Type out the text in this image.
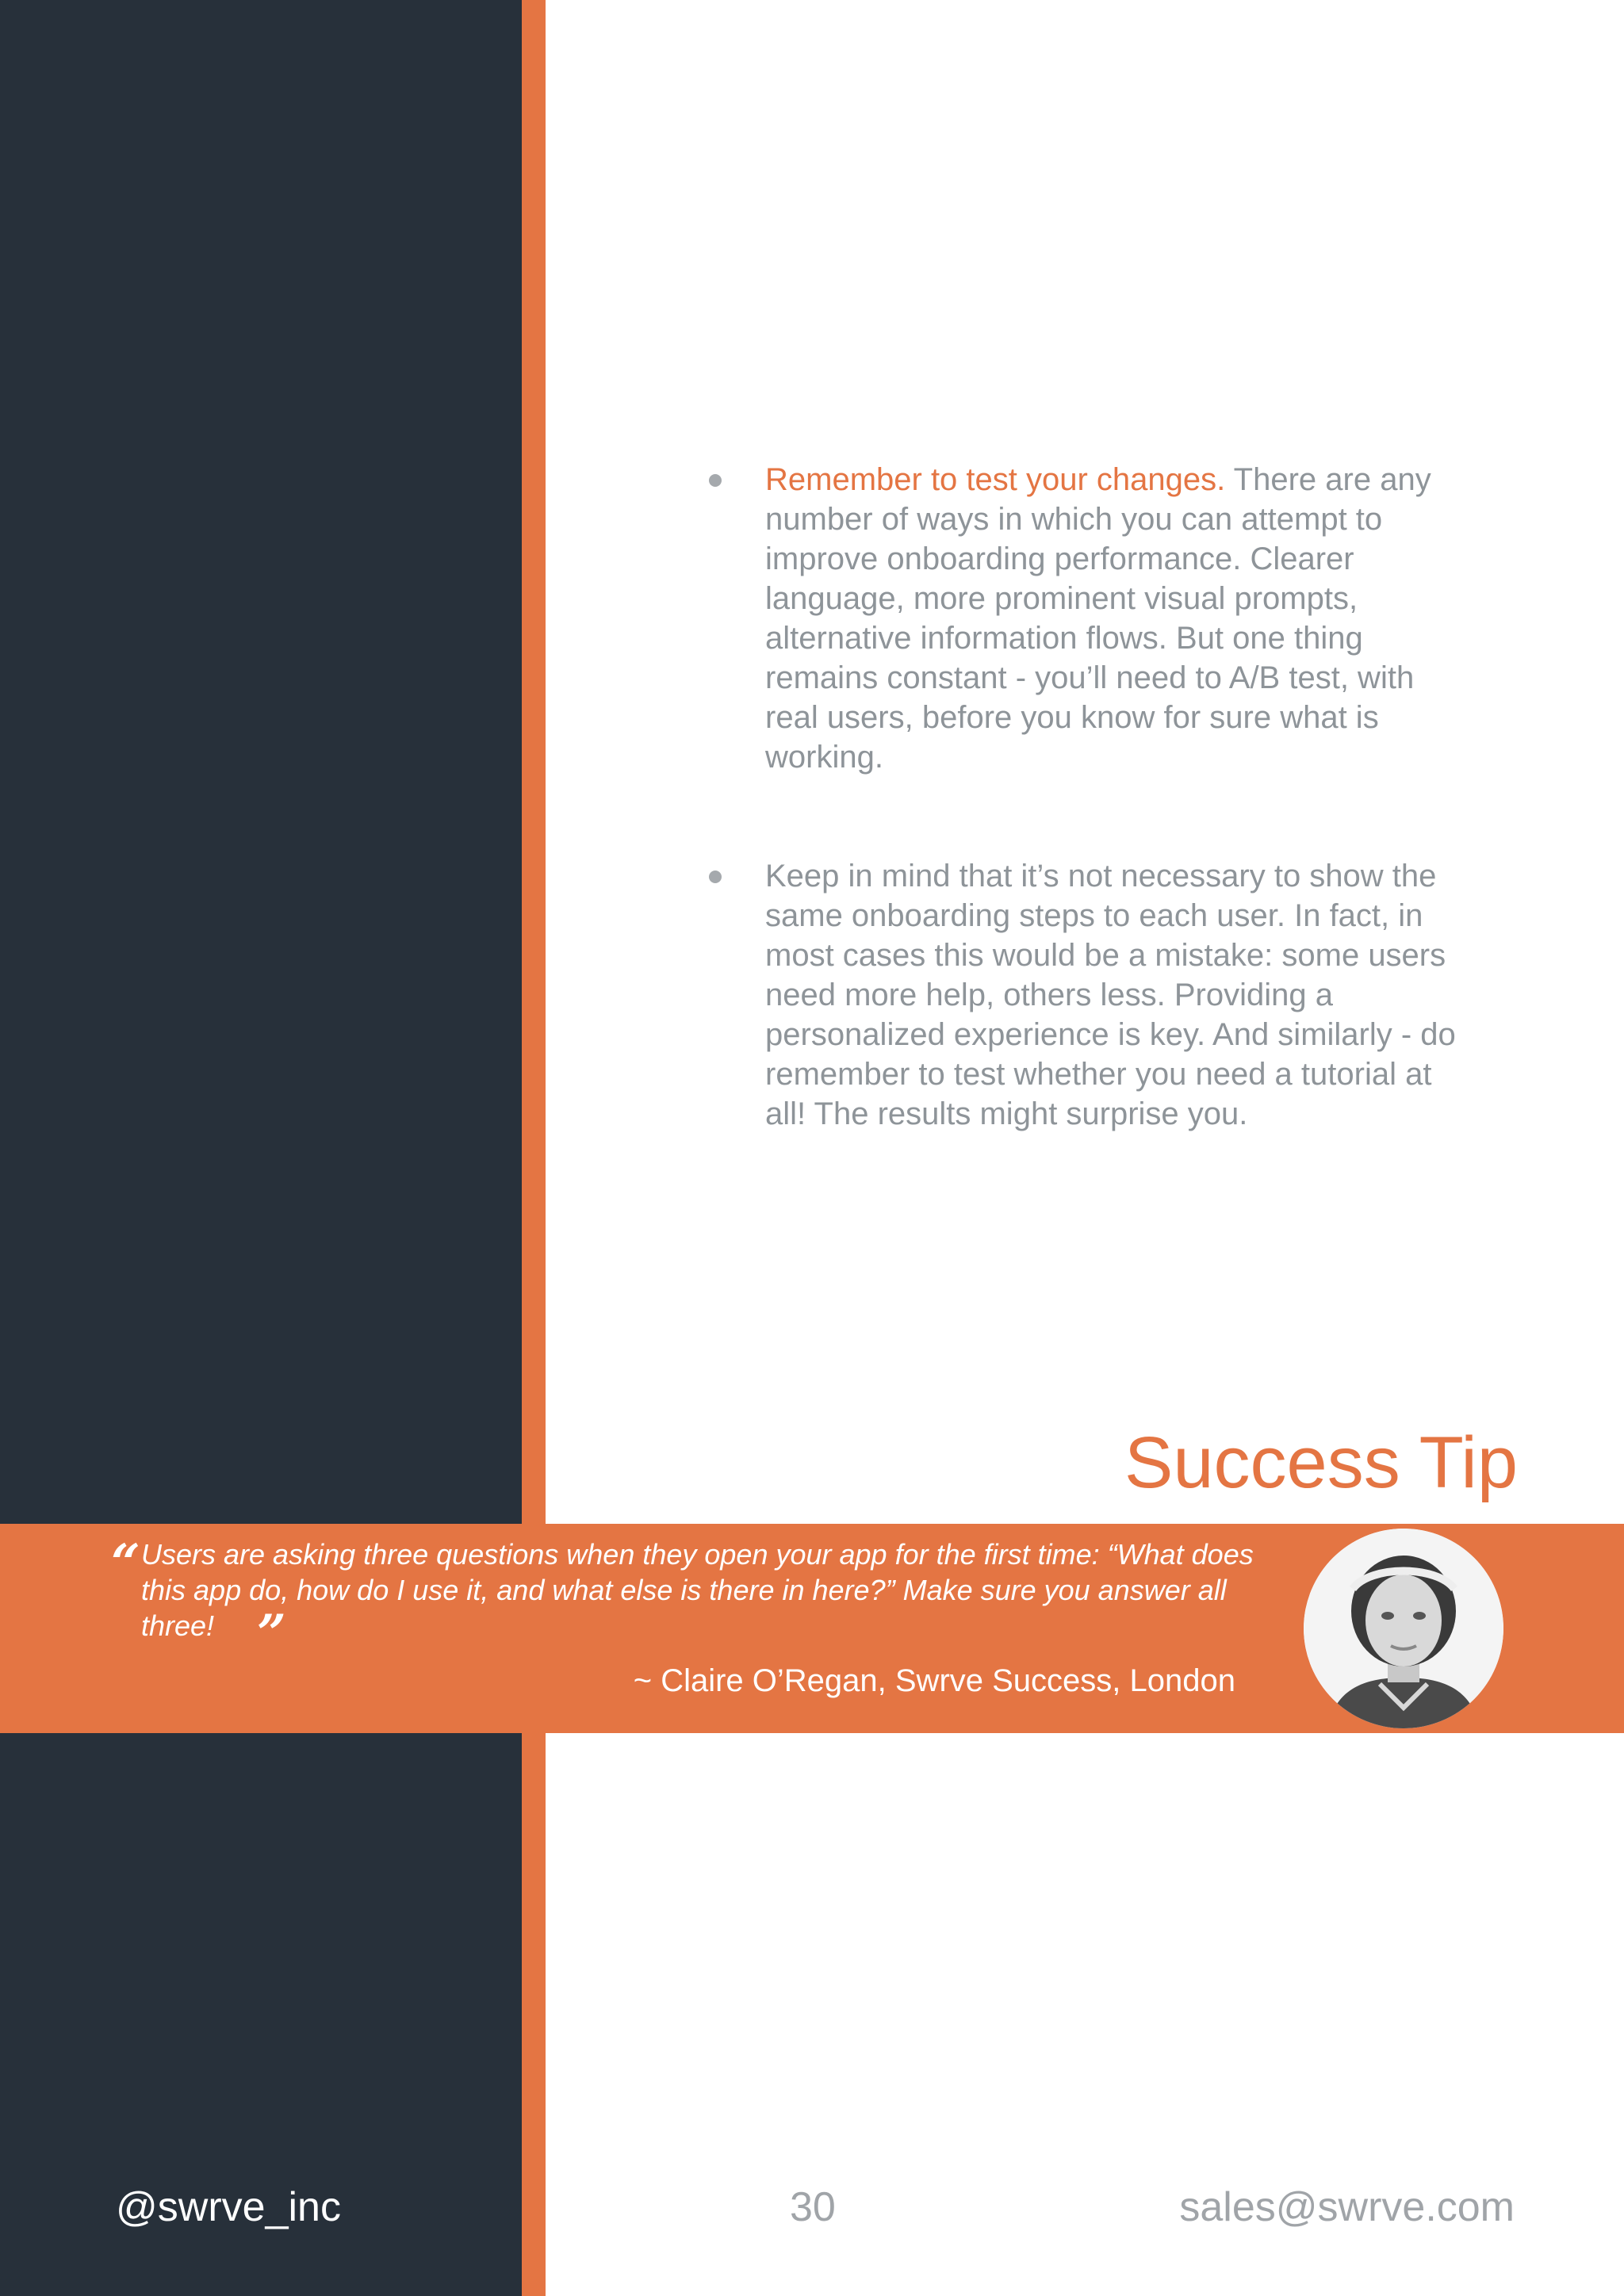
Remember to test your changes. There are any number of ways in which you can attempt to improve onboarding performance. Clearer language, more prominent visual prompts, alternative information flows. But one thing remains constant - you’ll need to A/B test, with real users, before you know for sure what is working.
Keep in mind that it’s not necessary to show the same onboarding steps to each user. In fact, in most cases this would be a mistake: some users need more help, others less. Providing a personalized experience is key. And similarly - do remember to test whether you need a tutorial at all! The results might surprise you.
Success Tip
“ Users are asking three questions when they open your app for the first time: “What does this app do, how do I use it, and what else is there in here?” Make sure you answer all three! ”
~ Claire O’Regan, Swrve Success, London
@swrve_inc	30	sales@swrve.com
